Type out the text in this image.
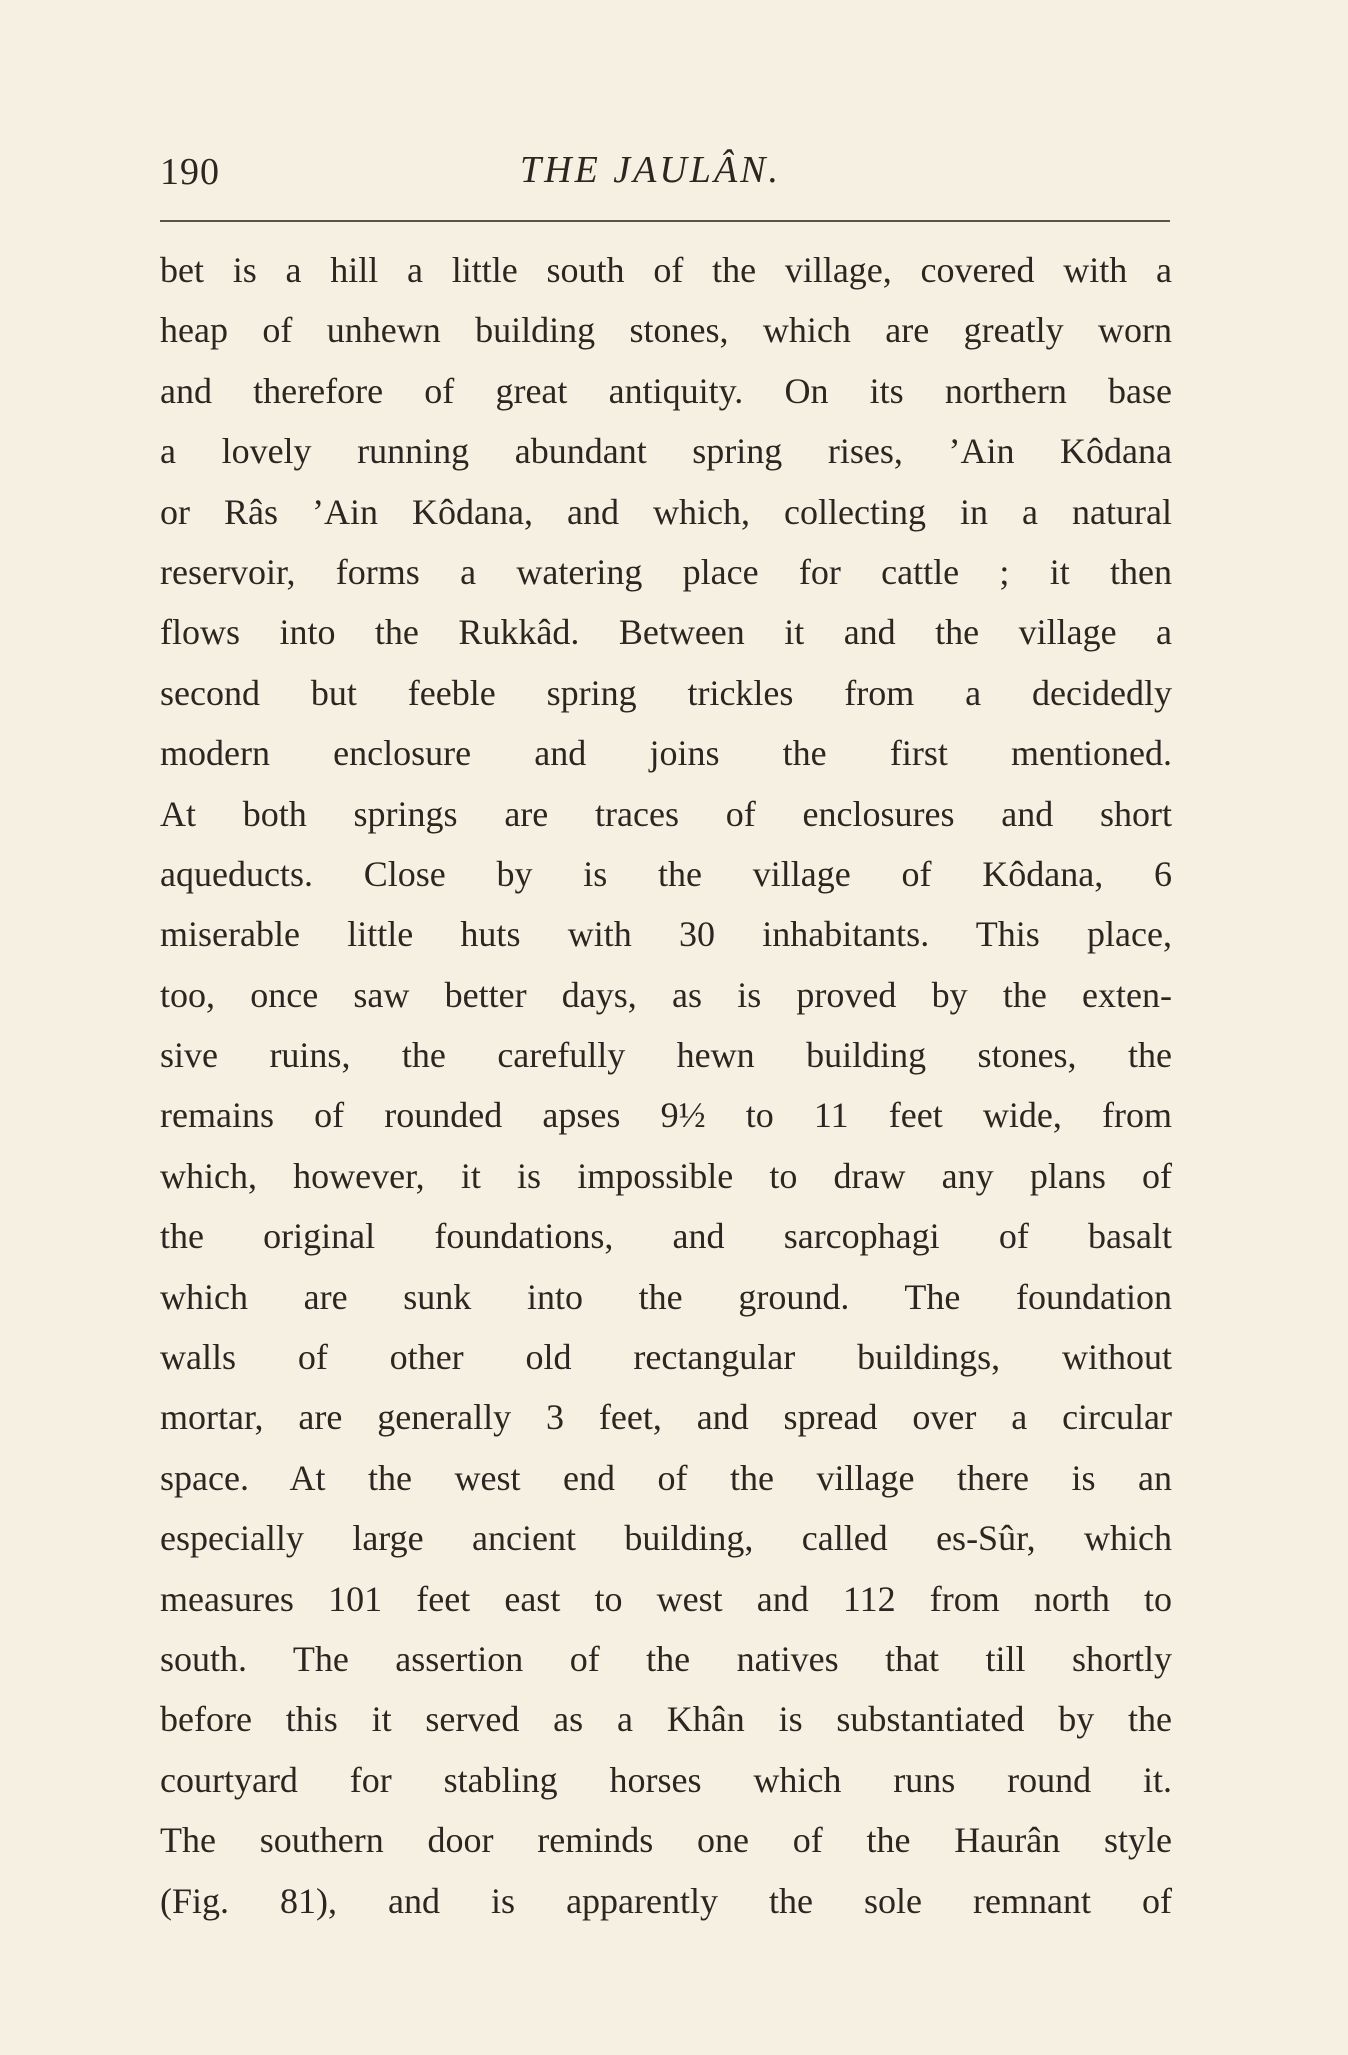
190	THE JAULÂN.
bet is a hill a little south of the village, covered with a
heap of unhewn building stones, which are greatly worn
and therefore of great antiquity. On its northern base
a lovely running abundant spring rises, ’Ain Kôdana
or Râs ’Ain Kôdana, and which, collecting in a natural
reservoir, forms a watering place for cattle ; it then
flows into the Rukkâd. Between it and the village a
second but feeble spring trickles from a decidedly
modern enclosure and joins the first mentioned.
At both springs are traces of enclosures and short
aqueducts. Close by is the village of Kôdana, 6
miserable little huts with 30 inhabitants. This place,
too, once saw better days, as is proved by the exten-
sive ruins, the carefully hewn building stones, the
remains of rounded apses 9½ to 11 feet wide, from
which, however, it is impossible to draw any plans of
the original foundations, and sarcophagi of basalt
which are sunk into the ground. The foundation
walls of other old rectangular buildings, without
mortar, are generally 3 feet, and spread over a circular
space. At the west end of the village there is an
especially large ancient building, called es-Sûr, which
measures 101 feet east to west and 112 from north to
south. The assertion of the natives that till shortly
before this it served as a Khân is substantiated by the
courtyard for stabling horses which runs round it.
The southern door reminds one of the Haurân style
(Fig. 81), and is apparently the sole remnant of
